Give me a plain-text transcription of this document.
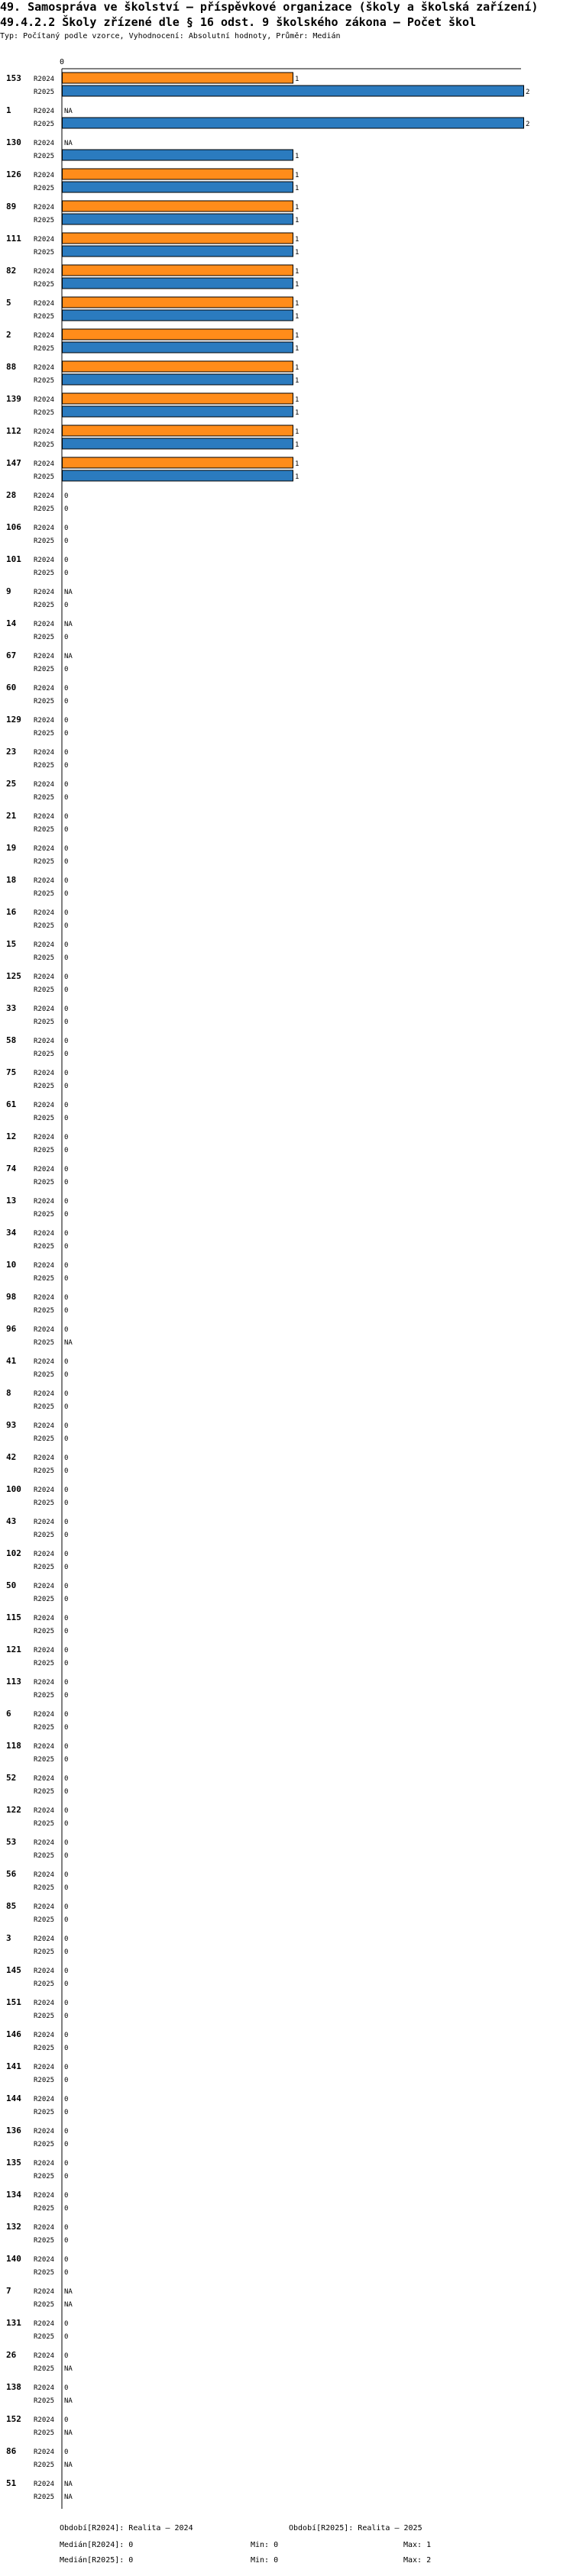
49. Samospráva ve školství – příspěvkové organizace (školy a školská zařízení)
49.4.2.2 Školy zřízené dle § 16 odst. 9 školského zákona – Počet škol
Typ: Počítaný podle vzorce, Vyhodnocení: Absolutní hodnoty, Průměr: Medián
0
153 R2024	1
R2025	2
1	R2024 NA
R2025	2
130 R2024 NA
R2025	1
126 R2024	1
R2025	1
89	R2024	1
R2025	1
111 R2024	1
R2025	1
82	R2024	1
R2025	1
5	R2024	1
R2025	1
2	R2024	1
R2025	1
88	R2024	1
R2025	1
139 R2024	1
R2025	1
112 R2024	1
R2025	1
147 R2024	1
R2025	1
28	R2024 0
R2025 0
106 R2024 0
R2025 0
101 R2024 0
R2025 0
9	R2024 NA
R2025 0
14	R2024 NA
R2025 0
67	R2024 NA
R2025 0
60	R2024 0
R2025 0
129 R2024 0
R2025 0
23	R2024 0
R2025 0
25	R2024 0
R2025 0
21	R2024 0
R2025 0
19	R2024 0
R2025 0
18	R2024 0
R2025 0
16	R2024 0
R2025 0
15	R2024 0
R2025 0
125 R2024 0
R2025 0
33	R2024 0
R2025 0
58	R2024 0
R2025 0
75	R2024 0
R2025 0
61	R2024 0
R2025 0
12	R2024 0
R2025 0
74	R2024 0
R2025 0
13	R2024 0
R2025 0
34	R2024 0
R2025 0
10	R2024 0
R2025 0
98	R2024 0
R2025 0
96	R2024 0
R2025 NA
41	R2024 0
R2025 0
8	R2024 0
R2025 0
93	R2024 0
R2025 0
42	R2024 0
R2025 0
100 R2024 0
R2025 0
43	R2024 0
R2025 0
102 R2024 0
R2025 0
50	R2024 0
R2025 0
115 R2024 0
R2025 0
121 R2024 0
R2025 0
113 R2024 0
R2025 0
6	R2024 0
R2025 0
118 R2024 0
R2025 0
52	R2024 0
R2025 0
122 R2024 0
R2025 0
53	R2024 0
R2025 0
56	R2024 0
R2025 0
85	R2024 0
R2025 0
3	R2024 0
R2025 0
145 R2024 0
R2025 0
151 R2024 0
R2025 0
146 R2024 0
R2025 0
141 R2024 0
R2025 0
144 R2024 0
R2025 0
136 R2024 0
R2025 0
135 R2024 0
R2025 0
134 R2024 0
R2025 0
132 R2024 0
R2025 0
140 R2024 0
R2025 0
7	R2024 NA
R2025 NA
131 R2024 0
R2025 0
26	R2024 0
R2025 NA
138 R2024 0
R2025 NA
152 R2024 0
R2025 NA
86	R2024 0
R2025 NA
51	R2024 NA
R2025 NA
Období[R2024]: Realita – 2024	Období[R2025]: Realita – 2025
Medián[R2024]: 0	Min: 0	Max: 1
Medián[R2025]: 0	Min: 0	Max: 2
